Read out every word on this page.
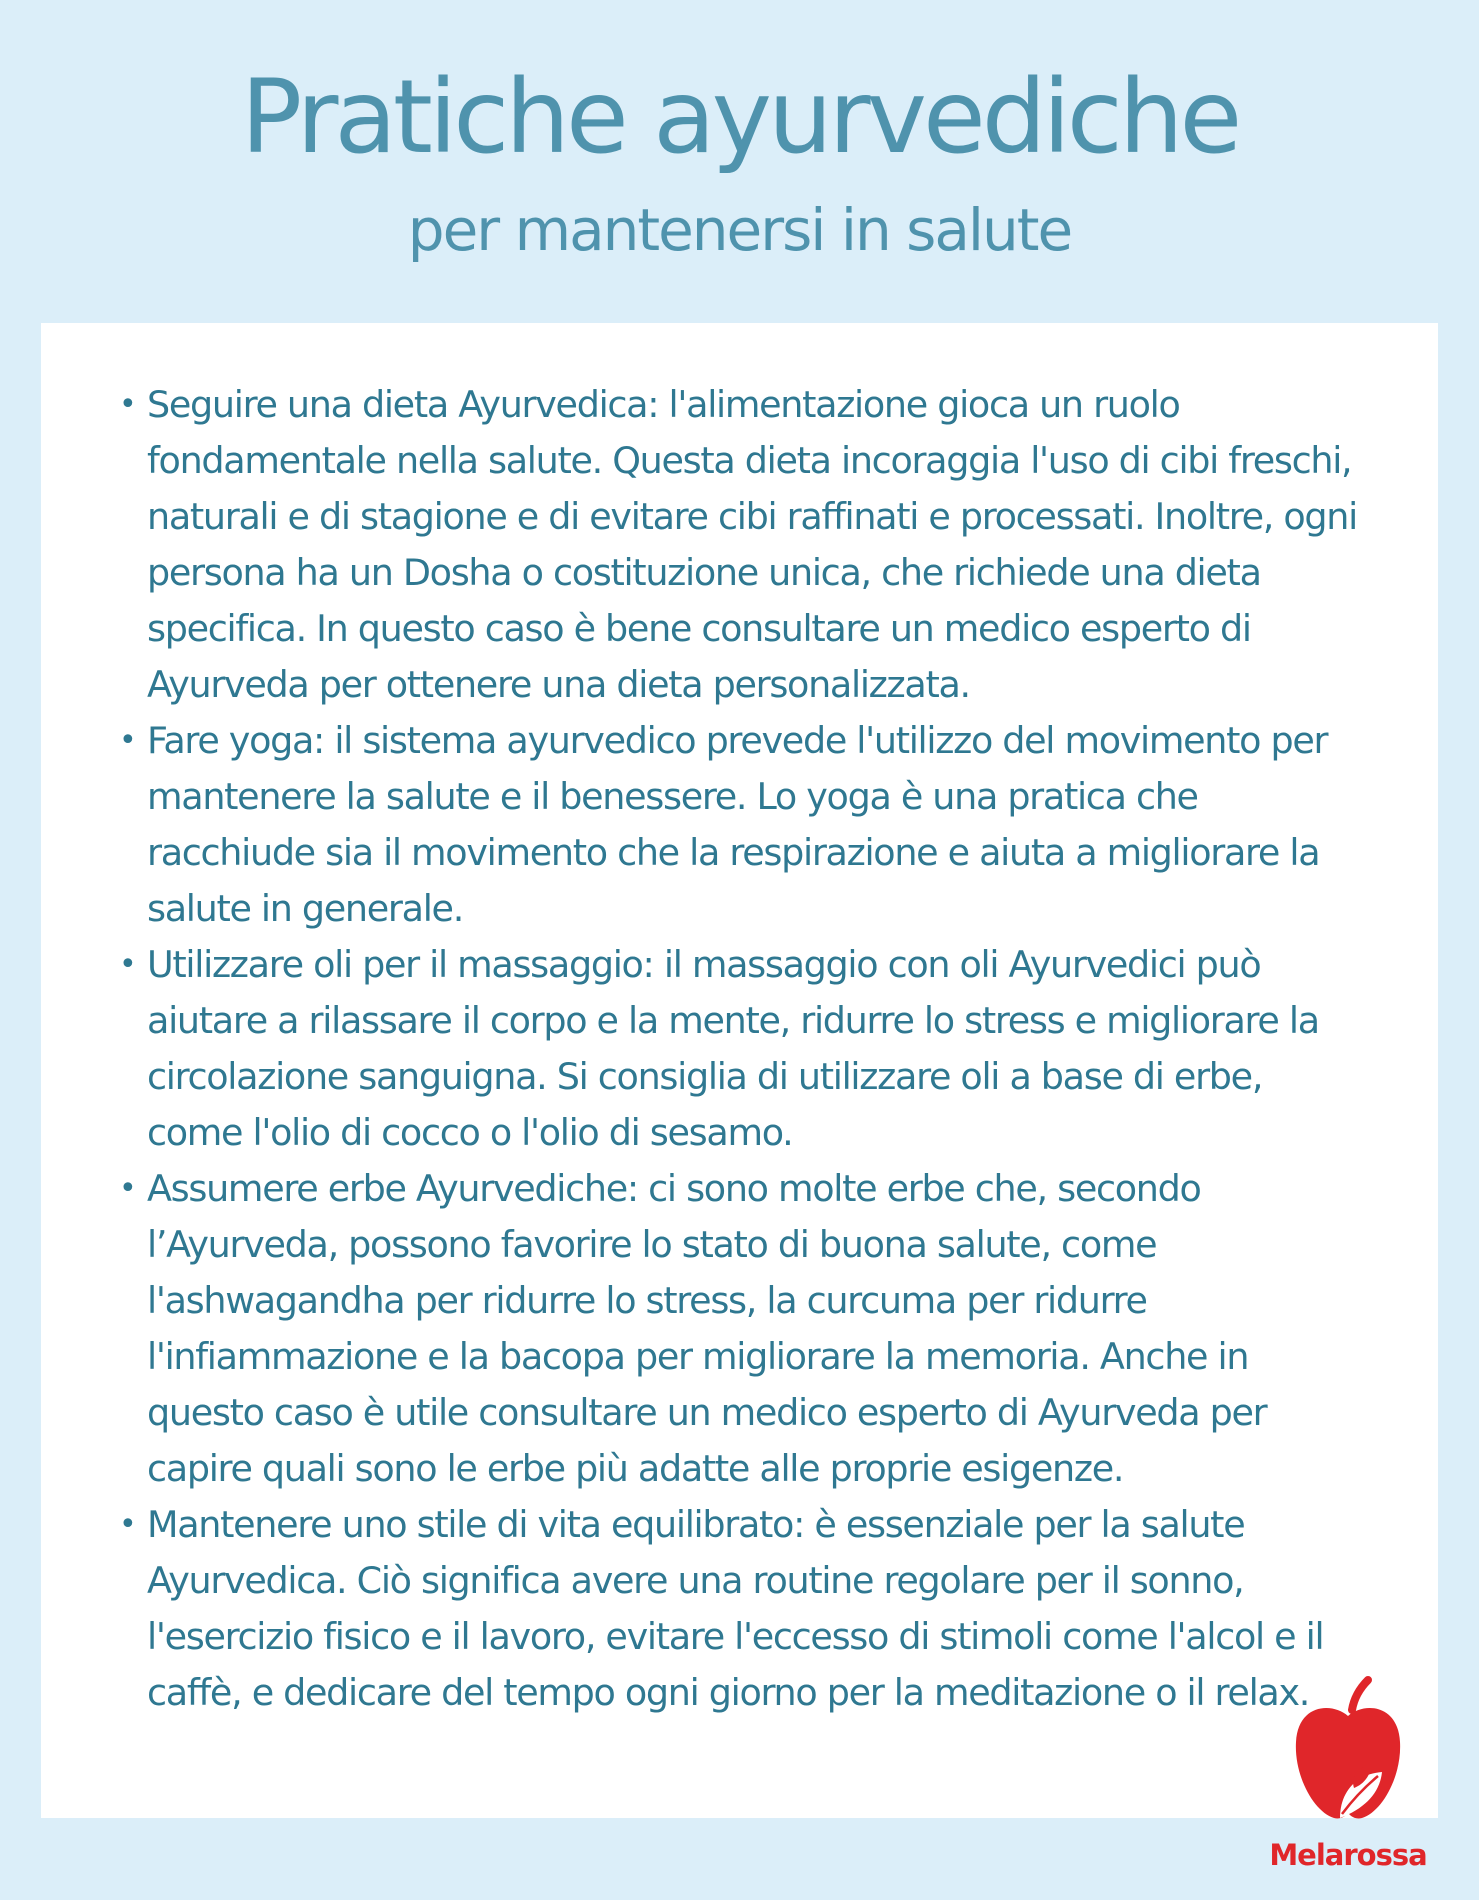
Pratiche ayurvediche
per mantenersi in salute
• Seguire una dieta Ayurvedica: l'alimentazione gioca un ruolo fondamentale nella salute. Questa dieta incoraggia l'uso di cibi freschi, naturali e di stagione e di evitare cibi raffinati e processati. Inoltre, ogni persona ha un Dosha o costituzione unica, che richiede una dieta specifica. In questo caso è bene consultare un medico esperto di Ayurveda per ottenere una dieta personalizzata.
• Fare yoga: il sistema ayurvedico prevede l'utilizzo del movimento per mantenere la salute e il benessere. Lo yoga è una pratica che racchiude sia il movimento che la respirazione e aiuta a migliorare la salute in generale.
• Utilizzare oli per il massaggio: il massaggio con oli Ayurvedici può aiutare a rilassare il corpo e la mente, ridurre lo stress e migliorare la circolazione sanguigna. Si consiglia di utilizzare oli a base di erbe, come l'olio di cocco o l'olio di sesamo.
• Assumere erbe Ayurvediche: ci sono molte erbe che, secondo l’Ayurveda, possono favorire lo stato di buona salute, come l'ashwagandha per ridurre lo stress, la curcuma per ridurre l'infiammazione e la bacopa per migliorare la memoria. Anche in questo caso è utile consultare un medico esperto di Ayurveda per capire quali sono le erbe più adatte alle proprie esigenze.
• Mantenere uno stile di vita equilibrato: è essenziale per la salute Ayurvedica. Ciò significa avere una routine regolare per il sonno, l'esercizio fisico e il lavoro, evitare l'eccesso di stimoli come l'alcol e il caffè, e dedicare del tempo ogni giorno per la meditazione o il relax.
Melarossa
